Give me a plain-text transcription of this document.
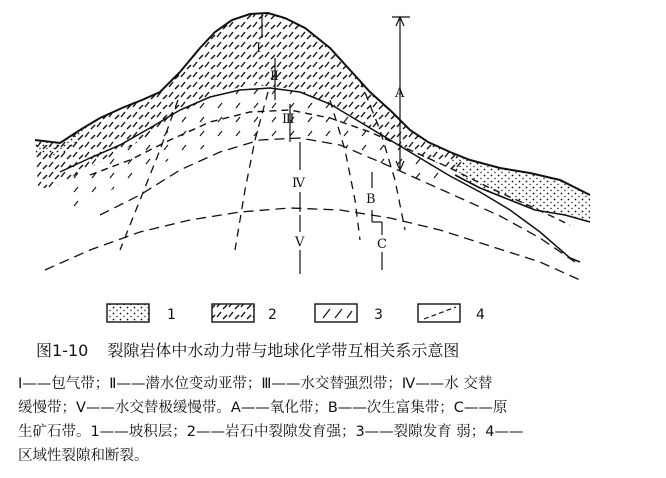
A
B
C
Ⅰ
Ⅱ
Ⅲ
Ⅳ
Ⅴ
1	2	3	4
图1-10 裂隙岩体中水动力带与地球化学带互相关系示意图
Ⅰ——包气带；Ⅱ——潜水位变动亚带；Ⅲ——水交替强烈带；Ⅳ——水 交替
缓慢带；Ⅴ——水交替极缓慢带。A——氧化带；B——次生富集带；C——原
生矿石带。1——坡积层；2——岩石中裂隙发育强；3——裂隙发育 弱；4——
区域性裂隙和断裂。
